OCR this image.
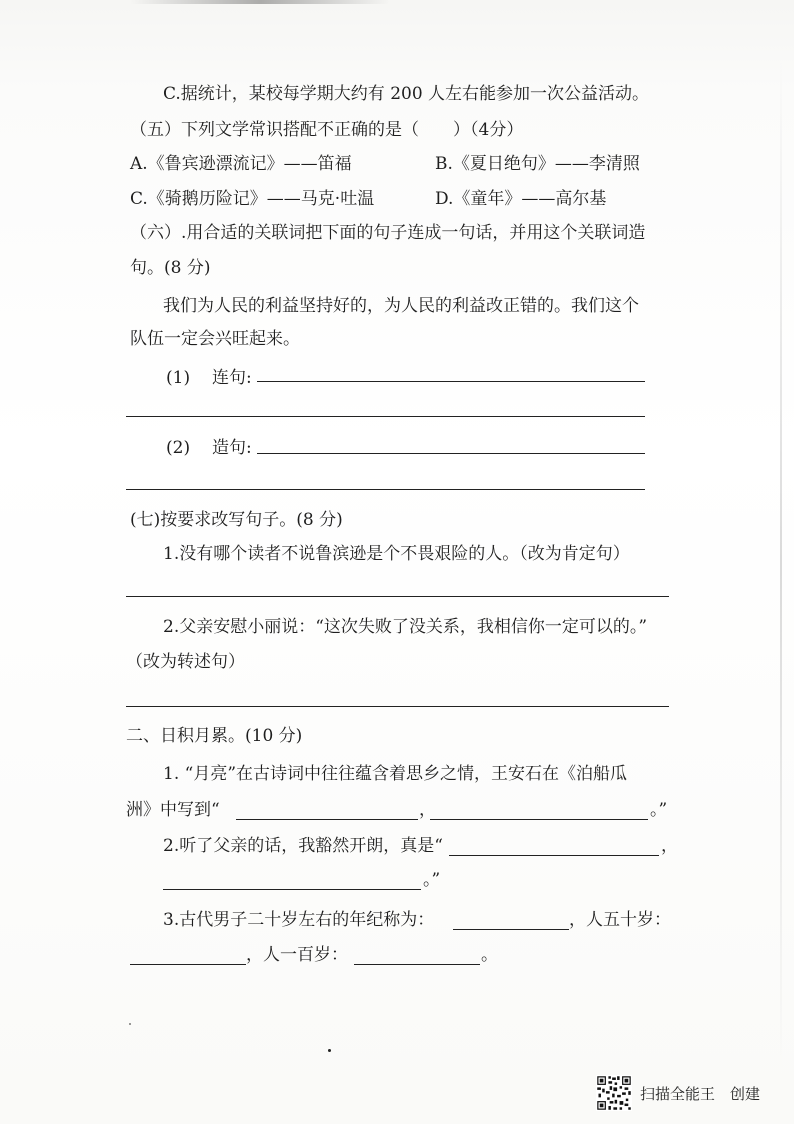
C.据统计，某校每学期大约有 200 人左右能参加一次公益活动。
（五）下列文学常识搭配不正确的是（　　）（4分）
A.《鲁宾逊漂流记》——笛福	B.《夏日绝句》——李清照
C.《骑鹅历险记》——马克·吐温	D.《童年》——高尔基
（六）.用合适的关联词把下面的句子连成一句话，并用这个关联词造
句。(8 分)
我们为人民的利益坚持好的，为人民的利益改正错的。我们这个
队伍一定会兴旺起来。
(1) 连句:
(2) 造句:
(七)按要求改写句子。(8 分)
1.没有哪个读者不说鲁滨逊是个不畏艰险的人。（改为肯定句）
2.父亲安慰小丽说：“这次失败了没关系，我相信你一定可以的。”
（改为转述句）
二、日积月累。(10 分)
1. “月亮”在古诗词中往往蕴含着思乡之情，王安石在《泊船瓜
洲》中写到“	，	。”
2.听了父亲的话，我豁然开朗，真是“	，
。”
3.古代男子二十岁左右的年纪称为：	，人五十岁：
，人一百岁：	。
扫描全能王　创建
